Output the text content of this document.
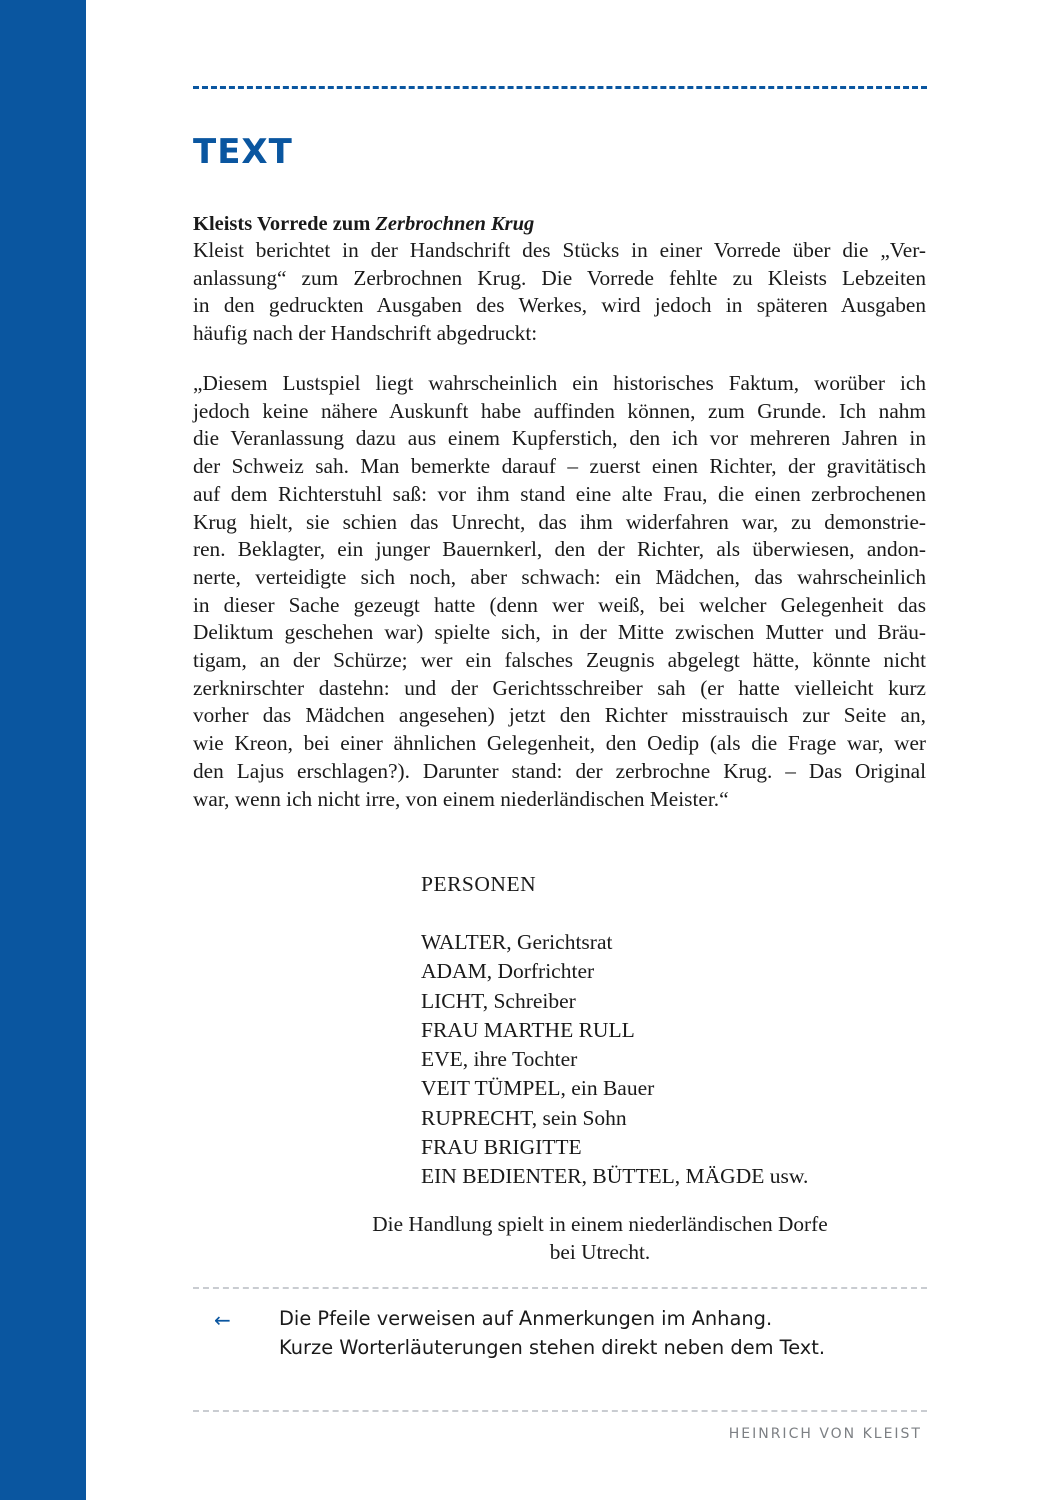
TEXT

Kleists Vorrede zum Zerbrochnen Krug

Kleist berichtet in der Handschrift des Stücks in einer Vorrede über die „Ver-
anlassung“ zum Zerbrochnen Krug. Die Vorrede fehlte zu Kleists Lebzeiten
in den gedruckten Ausgaben des Werkes, wird jedoch in späteren Ausgaben
häufig nach der Handschrift abgedruckt:

„Diesem Lustspiel liegt wahrscheinlich ein historisches Faktum, worüber ich
jedoch keine nähere Auskunft habe auffinden können, zum Grunde. Ich nahm
die Veranlassung dazu aus einem Kupferstich, den ich vor mehreren Jahren in
der Schweiz sah. Man bemerkte darauf – zuerst einen Richter, der gravitätisch
auf dem Richterstuhl saß: vor ihm stand eine alte Frau, die einen zerbrochenen
Krug hielt, sie schien das Unrecht, das ihm widerfahren war, zu demonstrie-
ren. Beklagter, ein junger Bauernkerl, den der Richter, als überwiesen, andon-
nerte, verteidigte sich noch, aber schwach: ein Mädchen, das wahrscheinlich
in dieser Sache gezeugt hatte (denn wer weiß, bei welcher Gelegenheit das
Deliktum geschehen war) spielte sich, in der Mitte zwischen Mutter und Bräu-
tigam, an der Schürze; wer ein falsches Zeugnis abgelegt hätte, könnte nicht
zerknirschter dastehn: und der Gerichtsschreiber sah (er hatte vielleicht kurz
vorher das Mädchen angesehen) jetzt den Richter misstrauisch zur Seite an,
wie Kreon, bei einer ähnlichen Gelegenheit, den Oedip (als die Frage war, wer
den Lajus erschlagen?). Darunter stand: der zerbrochne Krug. – Das Original
war, wenn ich nicht irre, von einem niederländischen Meister.“

PERSONEN

WALTER, Gerichtsrat
ADAM, Dorfrichter
LICHT, Schreiber
FRAU MARTHE RULL
EVE, ihre Tochter
VEIT TÜMPEL, ein Bauer
RUPRECHT, sein Sohn
FRAU BRIGITTE
EIN BEDIENTER, BÜTTEL, MÄGDE usw.

Die Handlung spielt in einem niederländischen Dorfe
bei Utrecht.

← Die Pfeile verweisen auf Anmerkungen im Anhang.
Kurze Worterläuterungen stehen direkt neben dem Text.

HEINRICH VON KLEIST
